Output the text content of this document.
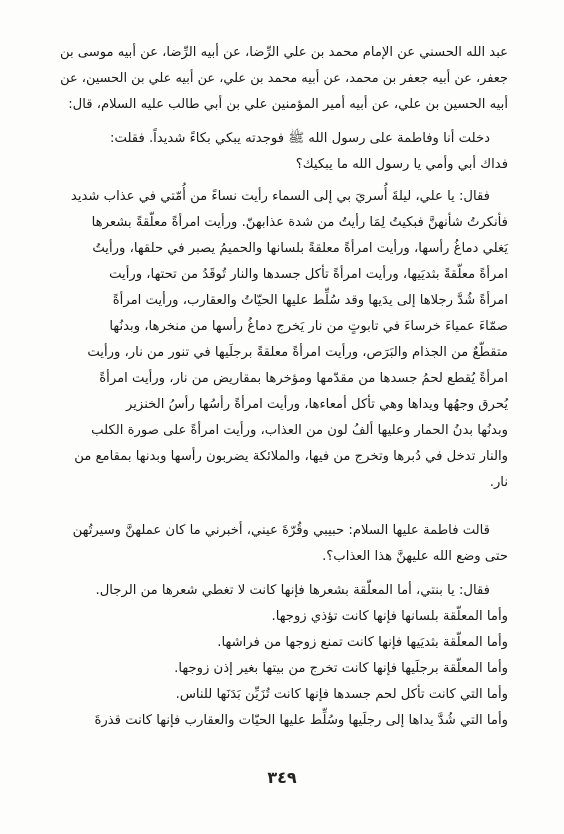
عبد الله الحسني عن الإمام محمد بن علي الرِّضا، عن أبيه الرِّضا، عن أبيه موسى بن
جعفر، عن أبيه جعفر بن محمد، عن أبيه محمد بن علي، عن أبيه علي بن الحسين، عن
أبيه الحسين بن علي، عن أبيه أمير المؤمنين علي بن أبي طالب عليه السلام، قال:
دخلت أنا وفاطمة على رسول الله ﷺ فوجدته يبكي بكاءً شديداً. فقلت:
فداك أبي وأمي يا رسول الله ما يبكيك؟
فقال: يا علي، ليلةَ أُسريَ بي إلى السماء رأيت نساءً من أُمّتي في عذاب شديد
فأنكرتُ شأنهنَّ فبكيتُ لِمَا رأيتُ من شدة عذابهنّ. ورأيت امرأةً معلّقةً بشعرها
يَغلي دماغُ رأسها، ورأيت امرأةً معلقةً بلسانها والحميمُ يصبر في حلقها، ورأيتُ
امرأةً معلّقةً بثديَيها، ورأيت امرأةً تأكل جسدها والنار تُوقَدُ من تحتها، ورأيت
امرأةً شُدَّ رجلاها إلى يدَيها وقد سُلِّط عليها الحيّاتُ والعقارب، ورأيت امرأةً
صمّاءَ عمياءَ خرساءَ في تابوتٍ من نار يَخرج دماغُ رأسها من منخرها، وبدنُها
متقطّعٌ من الجذام والبَرَص، ورأيت امرأةً معلقةً برجلَيها في تنور من نار، ورأيت
امرأةً يُقطع لحمُ جسدها من مقدّمها ومؤخرها بمقاريض من نار، ورأيت امرأةً
يُحرق وجهُها ويداها وهي تأكل أمعاءها، ورأيت امرأةً رأسُها رأسُ الخنزير
وبدنُها بدنُ الحمار وعليها ألفُ لون من العذاب، ورأيت امرأةً على صورة الكلب
والنار تدخل في دُبرها وتخرج من فيها، والملائكة يضربون رأسها وبدنها بمقامع من
نار.
قالت فاطمة عليها السلام: حبيبي وقُرّةَ عيني، أخبرني ما كان عملهنَّ وسيرتُهن
حتى وضع الله عليهنَّ هذا العذاب؟.
فقال: يا بنتي، أما المعلّقة بشعرها فإنها كانت لا تغطي شعرها من الرجال.
وأما المعلّقة بلسانها فإنها كانت تؤذي زوجها.
وأما المعلّقة بثديَيها فإنها كانت تمنع زوجها من فراشها.
وأما المعلّقة برجلَيها فإنها كانت تخرج من بيتها بغير إذن زوجها.
وأما التي كانت تأكل لحم جسدها فإنها كانت تُزَيِّن بَدَنَها للناس.
وأما التي شُدَّ يداها إلى رجلَيها وسُلِّط عليها الحيّات والعقارب فإنها كانت قذرةَ
٣٤٩
